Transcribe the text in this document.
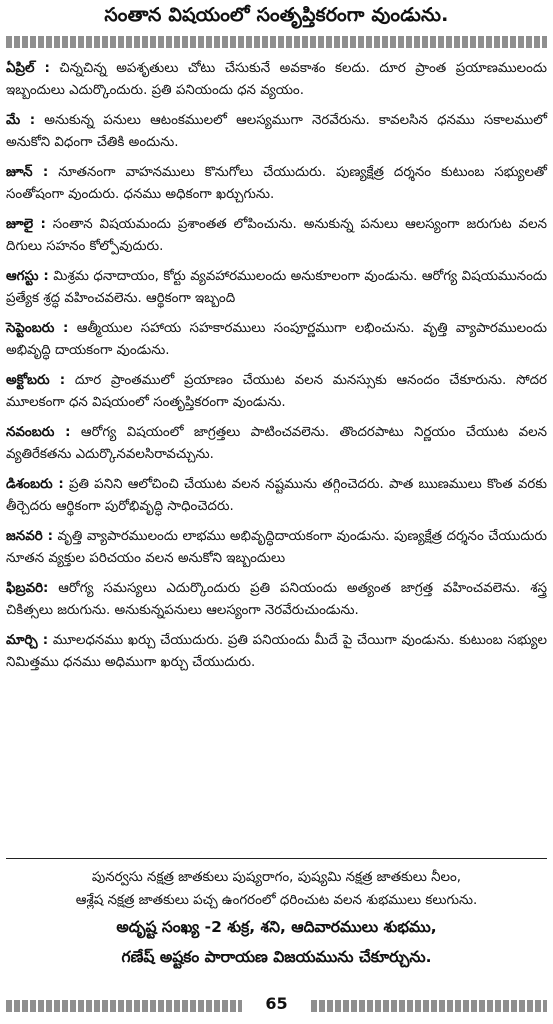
సంతాన విషయంలో సంతృప్తికరంగా వుండును.
ఏప్రిల్ : చిన్నచిన్న అపశృతులు చోటు చేసుకునే అవకాశం కలదు. దూర ప్రాంత ప్రయాణములందు ఇబ్బందులు ఎదుర్కొందురు. ప్రతి పనియందు ధన వ్యయం.
మే : అనుకున్న పనులు ఆటంకములలో ఆలస్యముగా నెరవేరును. కావలసిన ధనము సకాలములో అనుకోని విధంగా చేతికి అందును.
జూన్ : నూతనంగా వాహనములు కొనుగోలు చేయుదురు. పుణ్యక్షేత్ర దర్శనం కుటుంబ సభ్యులతో సంతోషంగా వుందురు. ధనము అధికంగా ఖర్చుగును.
జూలై : సంతాన విషయమందు ప్రశాంతత లోపించును. అనుకున్న పనులు ఆలస్యంగా జరుగుట వలన దిగులు సహనం కోల్పోవుదురు.
ఆగస్టు : మిశ్రమ ధనాదాయం, కోర్టు వ్యవహారములందు అనుకూలంగా వుండును. ఆరోగ్య విషయమునందు ప్రత్యేక శ్రద్ధ వహించవలెను. ఆర్థికంగా ఇబ్బంది
సెప్టెంబరు : ఆత్మీయుల సహాయ సహకారములు సంపూర్ణముగా లభించును. వృత్తి వ్యాపారములందు అభివృద్ధి దాయకంగా వుండును.
అక్టోబరు : దూర ప్రాంతములో ప్రయాణం చేయుట వలన మనస్సుకు ఆనందం చేకూరును. సోదర మూలకంగా ధన విషయంలో సంతృప్తికరంగా వుండును.
నవంబరు : ఆరోగ్య విషయంలో జాగ్రత్తలు పాటించవలెను. తొందరపాటు నిర్ణయం చేయుట వలన వ్యతిరేకతను ఎదుర్కొనవలసిరావచ్చును.
డిశంబరు : ప్రతి పనిని ఆలోచించి చేయుట వలన నష్టమును తగ్గించెదరు. పాత ఋణములు కొంత వరకు తీర్చెదరు ఆర్థికంగా పురోభివృద్ధి సాధించెదరు.
జనవరి : వృత్తి వ్యాపారములందు లాభము అభివృద్ధిదాయకంగా వుండును. పుణ్యక్షేత్ర దర్శనం చేయుదురు నూతన వ్యక్తుల పరిచయం వలన అనుకోని ఇబ్బందులు
ఫిబ్రవరి: ఆరోగ్య సమస్యలు ఎదుర్కొందురు ప్రతి పనియందు అత్యంత జాగ్రత్త వహించవలెను. శస్త్ర చికిత్సలు జరుగును. అనుకున్నపనులు ఆలస్యంగా నెరవేరుచుండును.
మార్చి : మూలధనము ఖర్చు చేయుదురు. ప్రతి పనియందు మీదే పై చేయిగా వుండును. కుటుంబ సభ్యుల నిమిత్తము ధనము అధిముగా ఖర్చు చేయుదురు.
పునర్వసు నక్షత్ర జాతకులు పుష్యరాగం, పుష్యమి నక్షత్ర జాతకులు నీలం,
ఆశ్లేష నక్షత్ర జాతకులు పచ్చ ఉంగరంలో ధరించుట వలన శుభములు కలుగును.
అదృష్ట సంఖ్య -2 శుక్ర, శని, ఆదివారములు శుభము,
గణేష్ అష్టకం పారాయణ విజయమును చేకూర్చును.
65
